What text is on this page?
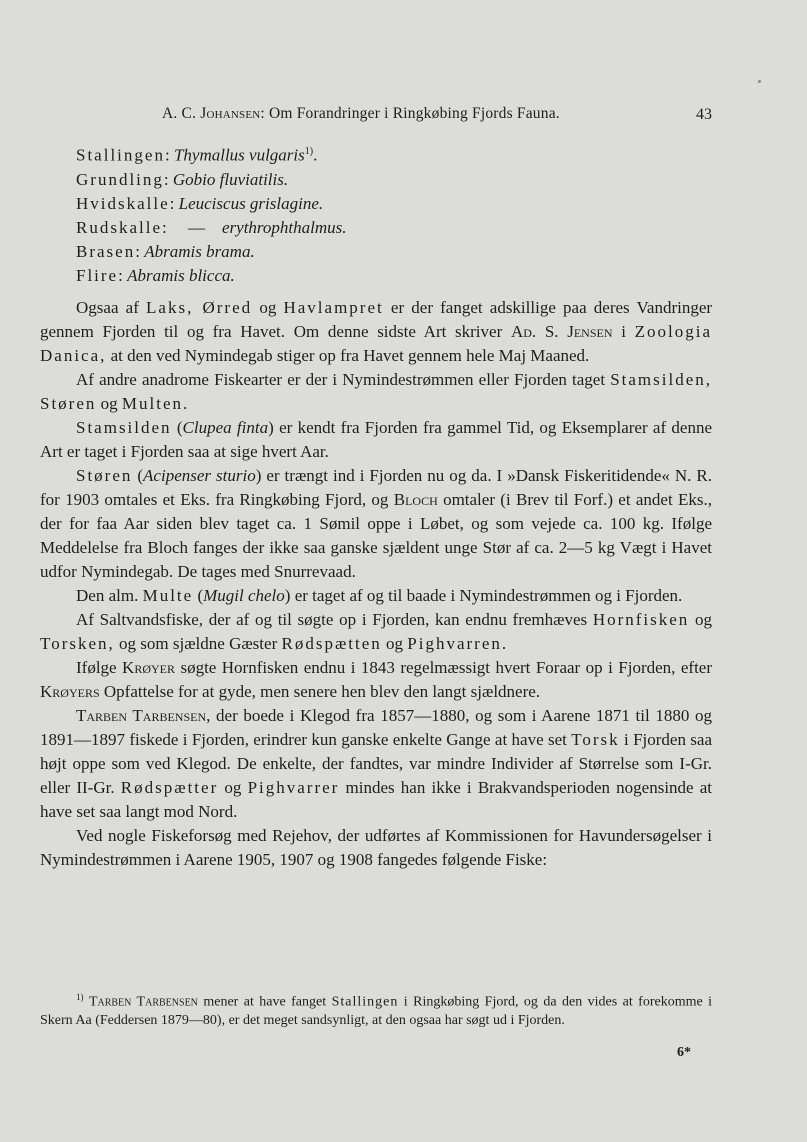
A. C. Johansen: Om Forandringer i Ringkøbing Fjords Fauna.	43
Stallingen: Thymallus vulgaris$^{1)}$.
Grundling: Gobio fluviatilis.
Hvidskalle: Leuciscus grislagine.
Rudskalle:     — erythrophthalmus.
Brasen: Abramis brama.
Flire: Abramis blicca.

Ogsaa af Laks, Ørred og Havlampret er der fanget adskillige paa deres Vandringer gennem Fjorden til og fra Havet. Om denne sidste Art skriver Ad. S. Jensen i Zoologia Danica, at den ved Nymindegab stiger op fra Havet gennem hele Maj Maaned.

Af andre anadrome Fiskearter er der i Nymindestrømmen eller Fjorden taget Stamsilden, Støren og Multen.

Stamsilden (Clupea finta) er kendt fra Fjorden fra gammel Tid, og Eksemplarer af denne Art er taget i Fjorden saa at sige hvert Aar.

Støren (Acipenser sturio) er trængt ind i Fjorden nu og da. I »Dansk Fiskeritidende« N. R. for 1903 omtales et Eks. fra Ringkøbing Fjord, og Bloch omtaler (i Brev til Forf.) et andet Eks., der for faa Aar siden blev taget ca. 1 Sømil oppe i Løbet, og som vejede ca. 100 kg. Ifølge Meddelelse fra Bloch fanges der ikke saa ganske sjældent unge Stør af ca. 2—5 kg Vægt i Havet udfor Nymindegab. De tages med Snurrevaad.

Den alm. Multe (Mugil chelo) er taget af og til baade i Nymindestrømmen og i Fjorden.

Af Saltvandsfiske, der af og til søgte op i Fjorden, kan endnu fremhæves Hornfisken og Torsken, og som sjældne Gæster Rødspætten og Pighvarren.

Ifølge Krøyer søgte Hornfisken endnu i 1843 regelmæssigt hvert Foraar op i Fjorden, efter Krøyers Opfattelse for at gyde, men senere hen blev den langt sjældnere.

Tarben Tarbensen, der boede i Klegod fra 1857—1880, og som i Aarene 1871 til 1880 og 1891—1897 fiskede i Fjorden, erindrer kun ganske enkelte Gange at have set Torsk i Fjorden saa højt oppe som ved Klegod. De enkelte, der fandtes, var mindre Individer af Størrelse som I-Gr. eller II-Gr. Rødspætter og Pighvarrer mindes han ikke i Brakvandsperioden nogensinde at have set saa langt mod Nord.

Ved nogle Fiskeforsøg med Rejehov, der udførtes af Kommissionen for Havundersøgelser i Nymindestrømmen i Aarene 1905, 1907 og 1908 fangedes følgende Fiske:

$^{1)}$ Tarben Tarbensen mener at have fanget Stallingen i Ringkøbing Fjord, og da den vides at forekomme i Skern Aa (Feddersen 1879—80), er det meget sandsynligt, at den ogsaa har søgt ud i Fjorden.
6*
